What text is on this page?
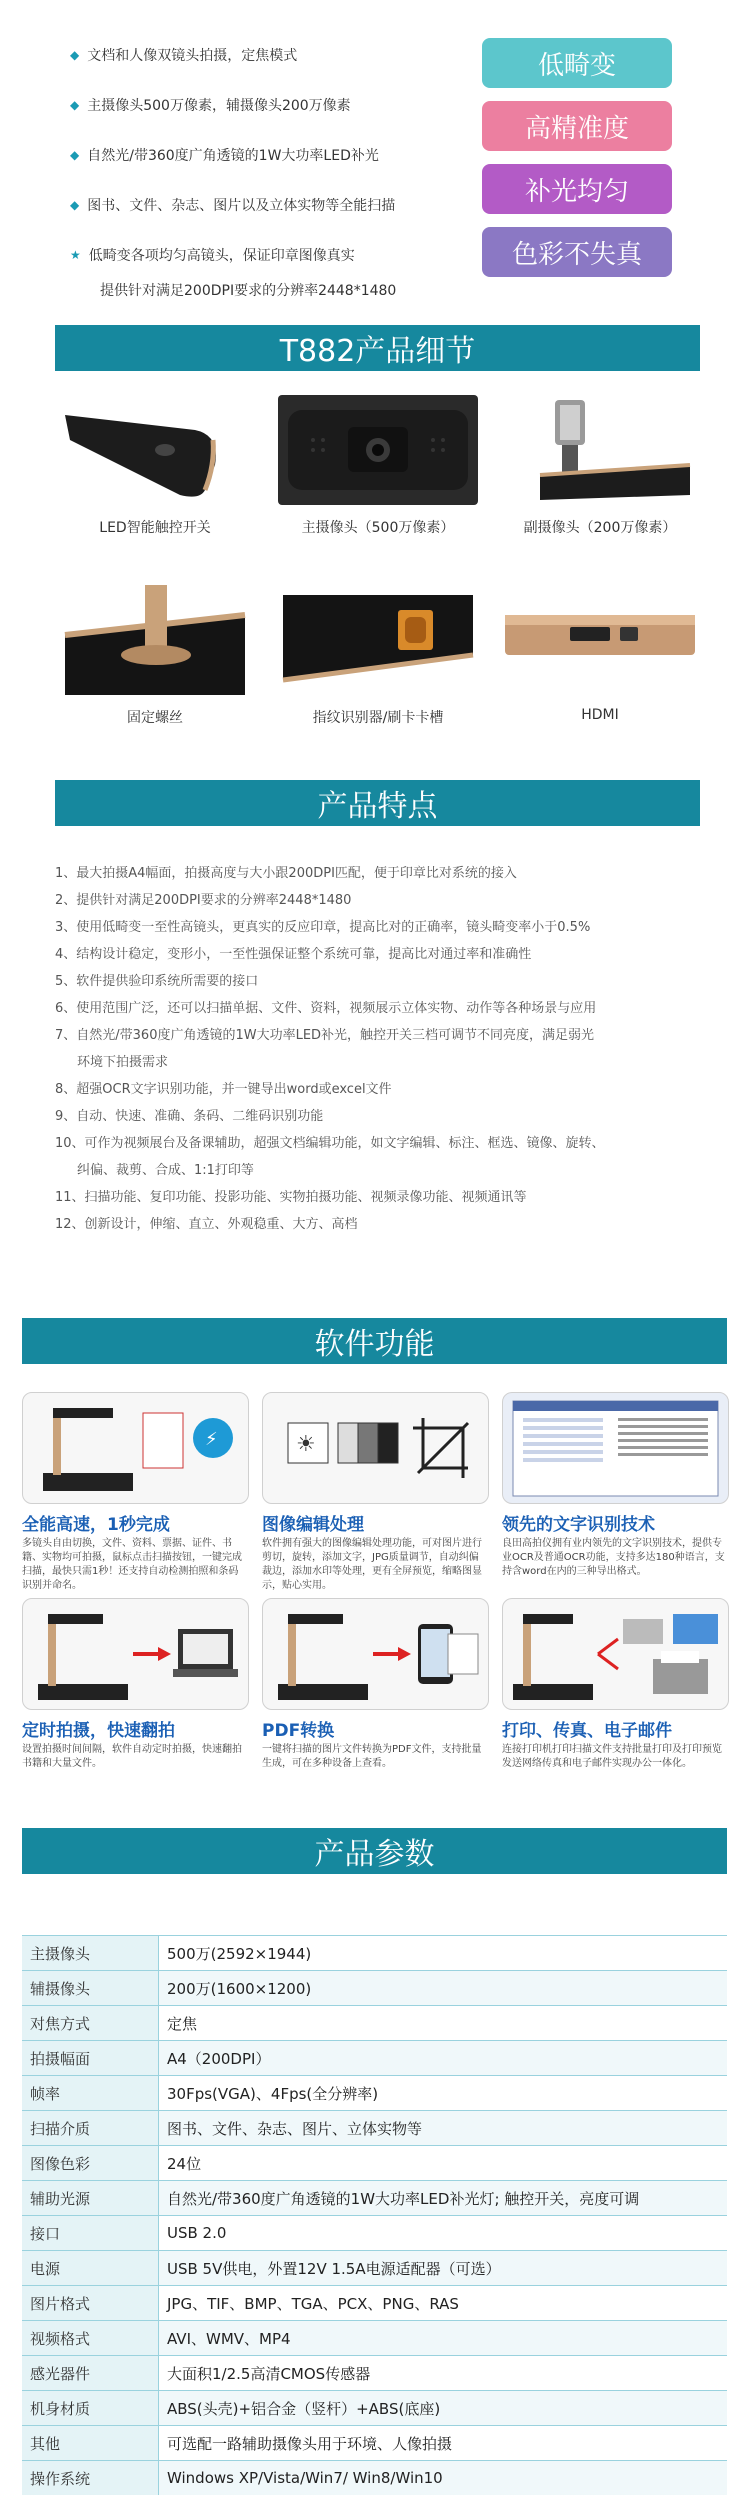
◆ 文档和人像双镜头拍摄，定焦模式
◆ 主摄像头500万像素，辅摄像头200万像素
◆ 自然光/带360度广角透镜的1W大功率LED补光
◆ 图书、文件、杂志、图片以及立体实物等全能扫描
★ 低畸变各项均匀高镜头，保证印章图像真实
提供针对满足200DPI要求的分辨率2448*1480
低畸变
高精准度
补光均匀
色彩不失真
T882产品细节
LED智能触控开关	主摄像头（500万像素）	副摄像头（200万像素）
固定螺丝	指纹识别器/刷卡卡槽	HDMI
产品特点
1、最大拍摄A4幅面，拍摄高度与大小跟200DPI匹配，便于印章比对系统的接入
2、提供针对满足200DPI要求的分辨率2448*1480
3、使用低畸变一至性高镜头，更真实的反应印章，提高比对的正确率，镜头畸变率小于0.5%
4、结构设计稳定，变形小，一至性强保证整个系统可靠，提高比对通过率和准确性
5、软件提供验印系统所需要的接口
6、使用范围广泛，还可以扫描单据、文件、资料，视频展示立体实物、动作等各种场景与应用
7、自然光/带360度广角透镜的1W大功率LED补光，触控开关三档可调节不同亮度，满足弱光
环境下拍摄需求
8、超强OCR文字识别功能，并一键导出word或excel文件
9、自动、快速、准确、条码、二维码识别功能
10、可作为视频展台及备课辅助，超强文档编辑功能，如文字编辑、标注、框选、镜像、旋转、
纠偏、裁剪、合成、1:1打印等
11、扫描功能、复印功能、投影功能、实物拍摄功能、视频录像功能、视频通讯等
12、创新设计，伸缩、直立、外观稳重、大方、高档
软件功能
⚡
全能高速，1秒完成
多镜头自由切换，文件、资料、票据、证件、书籍、实物均可拍摄，鼠标点击扫描按钮，一键完成扫描，最快只需1秒！还支持自动检测拍照和条码识别并命名。
☀
图像编辑处理
软件拥有强大的图像编辑处理功能，可对图片进行剪切，旋转，添加文字，JPG质量调节，自动纠偏裁边，添加水印等处理，更有全屏预览，缩略图显示，贴心实用。
领先的文字识别技术
良田高拍仪拥有业内领先的文字识别技术，提供专业OCR及普通OCR功能，支持多达180种语言，支持含word在内的三种导出格式。
定时拍摄，快速翻拍
设置拍摄时间间隔，软件自动定时拍摄，快速翻拍书籍和大量文件。
PDF转换
一键将扫描的图片文件转换为PDF文件，支持批量生成，可在多种设备上查看。
打印、传真、电子邮件
连接打印机打印扫描文件支持批量打印及打印预览发送网络传真和电子邮件实现办公一体化。
产品参数
主摄像头	500万(2592×1944)
辅摄像头	200万(1600×1200)
对焦方式	定焦
拍摄幅面	A4（200DPI）
帧率	30Fps(VGA)、4Fps(全分辨率)
扫描介质	图书、文件、杂志、图片、立体实物等
图像色彩	24位
辅助光源	自然光/带360度广角透镜的1W大功率LED补光灯; 触控开关，亮度可调
接口	USB 2.0
电源	USB 5V供电，外置12V 1.5A电源适配器（可选）
图片格式	JPG、TIF、BMP、TGA、PCX、PNG、RAS
视频格式	AVI、WMV、MP4
感光器件	大面积1/2.5高清CMOS传感器
机身材质	ABS(头壳)+铝合金（竖杆）+ABS(底座)
其他	可选配一路辅助摄像头用于环境、人像拍摄
操作系统	Windows XP/Vista/Win7/ Win8/Win10
